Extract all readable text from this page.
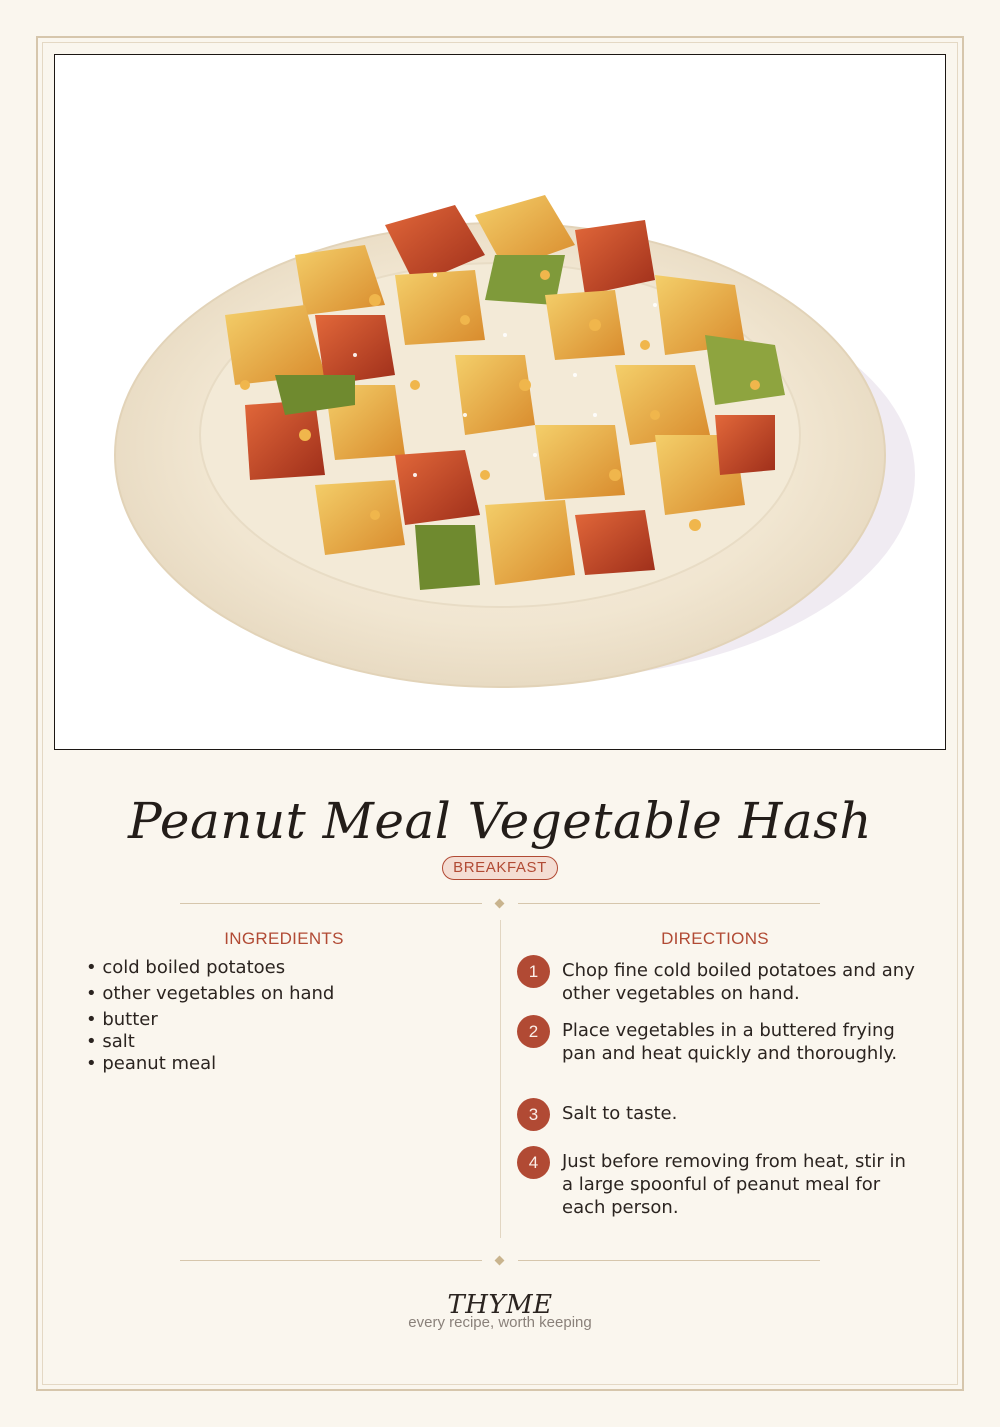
Peanut Meal Vegetable Hash
BREAKFAST
INGREDIENTS	DIRECTIONS
• cold boiled potatoes
• other vegetables on hand
• butter
• salt
• peanut meal
1	Chop fine cold boiled potatoes and any other vegetables on hand.
2	Place vegetables in a buttered frying pan and heat quickly and thoroughly.
3	Salt to taste.
4	Just before removing from heat, stir in a large spoonful of peanut meal for each person.
THYME
every recipe, worth keeping
